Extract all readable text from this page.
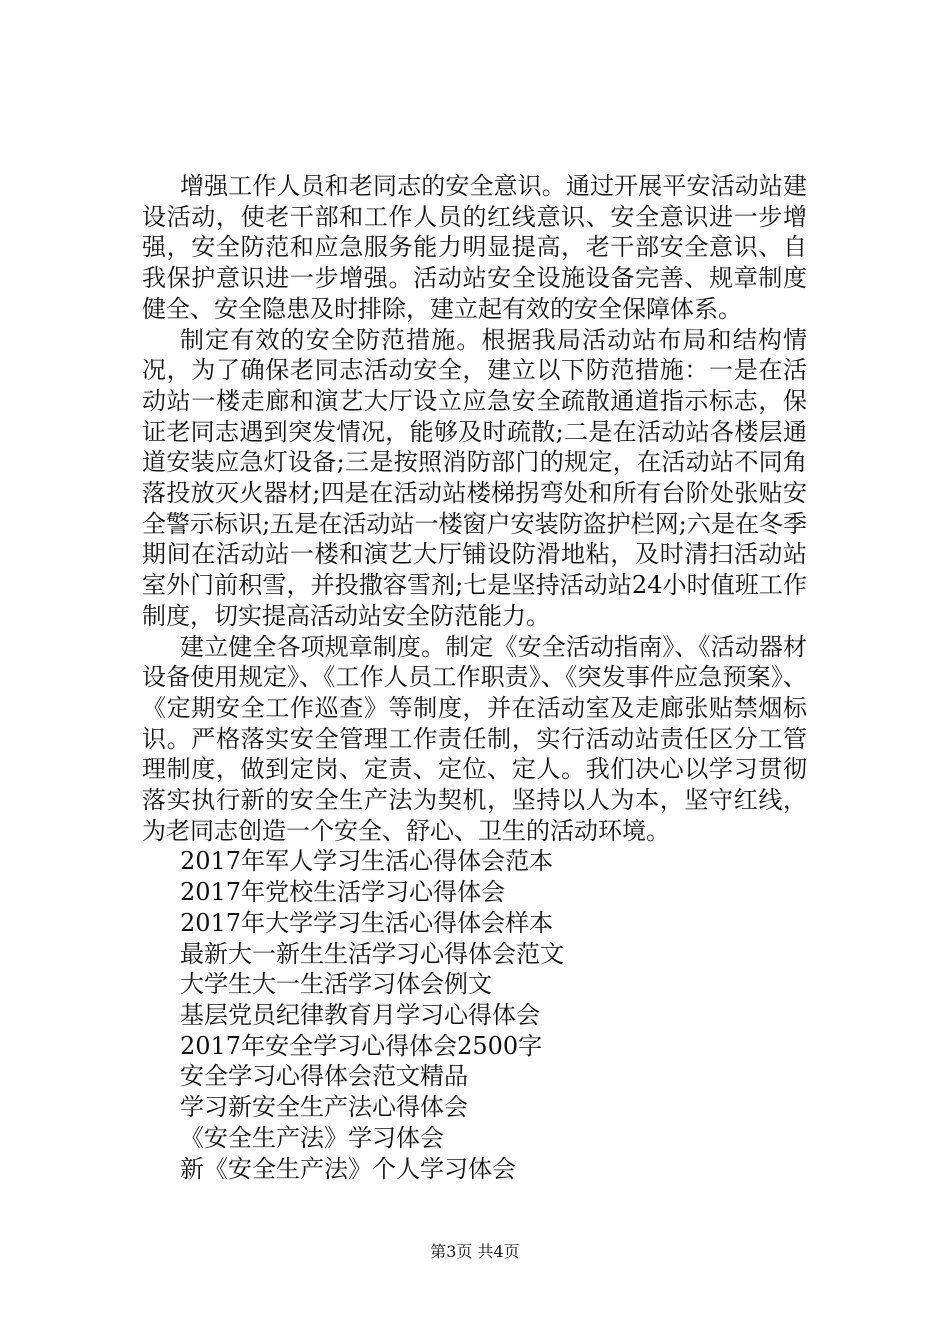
增强工作人员和老同志的安全意识。通过开展平安活动站建设活动，使老干部和工作人员的红线意识、安全意识进一步增强，安全防范和应急服务能力明显提高，老干部安全意识、自我保护意识进一步增强。活动站安全设施设备完善、规章制度健全、安全隐患及时排除，建立起有效的安全保障体系。

制定有效的安全防范措施。根据我局活动站布局和结构情况，为了确保老同志活动安全，建立以下防范措施：一是在活动站一楼走廊和演艺大厅设立应急安全疏散通道指示标志，保证老同志遇到突发情况，能够及时疏散;二是在活动站各楼层通道安装应急灯设备;三是按照消防部门的规定，在活动站不同角落投放灭火器材;四是在活动站楼梯拐弯处和所有台阶处张贴安全警示标识;五是在活动站一楼窗户安装防盗护栏网;六是在冬季期间在活动站一楼和演艺大厅铺设防滑地粘，及时清扫活动站室外门前积雪，并投撒容雪剂;七是坚持活动站24小时值班工作制度，切实提高活动站安全防范能力。

建立健全各项规章制度。制定《安全活动指南》、《活动器材设备使用规定》、《工作人员工作职责》、《突发事件应急预案》、《定期安全工作巡查》等制度，并在活动室及走廊张贴禁烟标识。严格落实安全管理工作责任制，实行活动站责任区分工管理制度，做到定岗、定责、定位、定人。我们决心以学习贯彻落实执行新的安全生产法为契机，坚持以人为本，坚守红线，为老同志创造一个安全、舒心、卫生的活动环境。

2017年军人学习生活心得体会范本
2017年党校生活学习心得体会
2017年大学学习生活心得体会样本
最新大一新生生活学习心得体会范文
大学生大一生活学习体会例文
基层党员纪律教育月学习心得体会
2017年安全学习心得体会2500字
安全学习心得体会范文精品
学习新安全生产法心得体会
《安全生产法》学习体会
新《安全生产法》个人学习体会
第3页 共4页
